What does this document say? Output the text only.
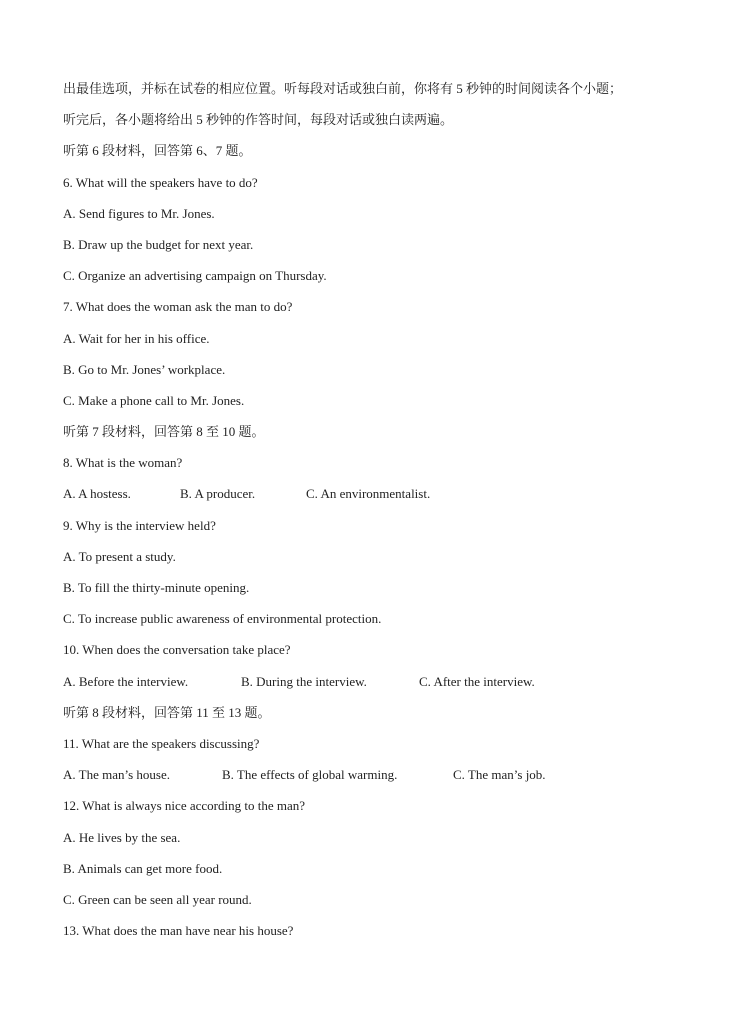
出最佳选项，并标在试卷的相应位置。听每段对话或独白前，你将有 5 秒钟的时间阅读各个小题；
听完后，各小题将给出 5 秒钟的作答时间，每段对话或独白读两遍。
听第 6 段材料，回答第 6、7 题。
6. What will the speakers have to do?
A. Send figures to Mr. Jones.
B. Draw up the budget for next year.
C. Organize an advertising campaign on Thursday.
7. What does the woman ask the man to do?
A. Wait for her in his office.
B. Go to Mr. Jones’ workplace.
C. Make a phone call to Mr. Jones.
听第 7 段材料，回答第 8 至 10 题。
8. What is the woman?
A. A hostess.	B. A producer.	C. An environmentalist.
9. Why is the interview held?
A. To present a study.
B. To fill the thirty-minute opening.
C. To increase public awareness of environmental protection.
10. When does the conversation take place?
A. Before the interview.	B. During the interview.	C. After the interview.
听第 8 段材料，回答第 11 至 13 题。
11. What are the speakers discussing?
A. The man’s house.	B. The effects of global warming.	C. The man’s job.
12. What is always nice according to the man?
A. He lives by the sea.
B. Animals can get more food.
C. Green can be seen all year round.
13. What does the man have near his house?
